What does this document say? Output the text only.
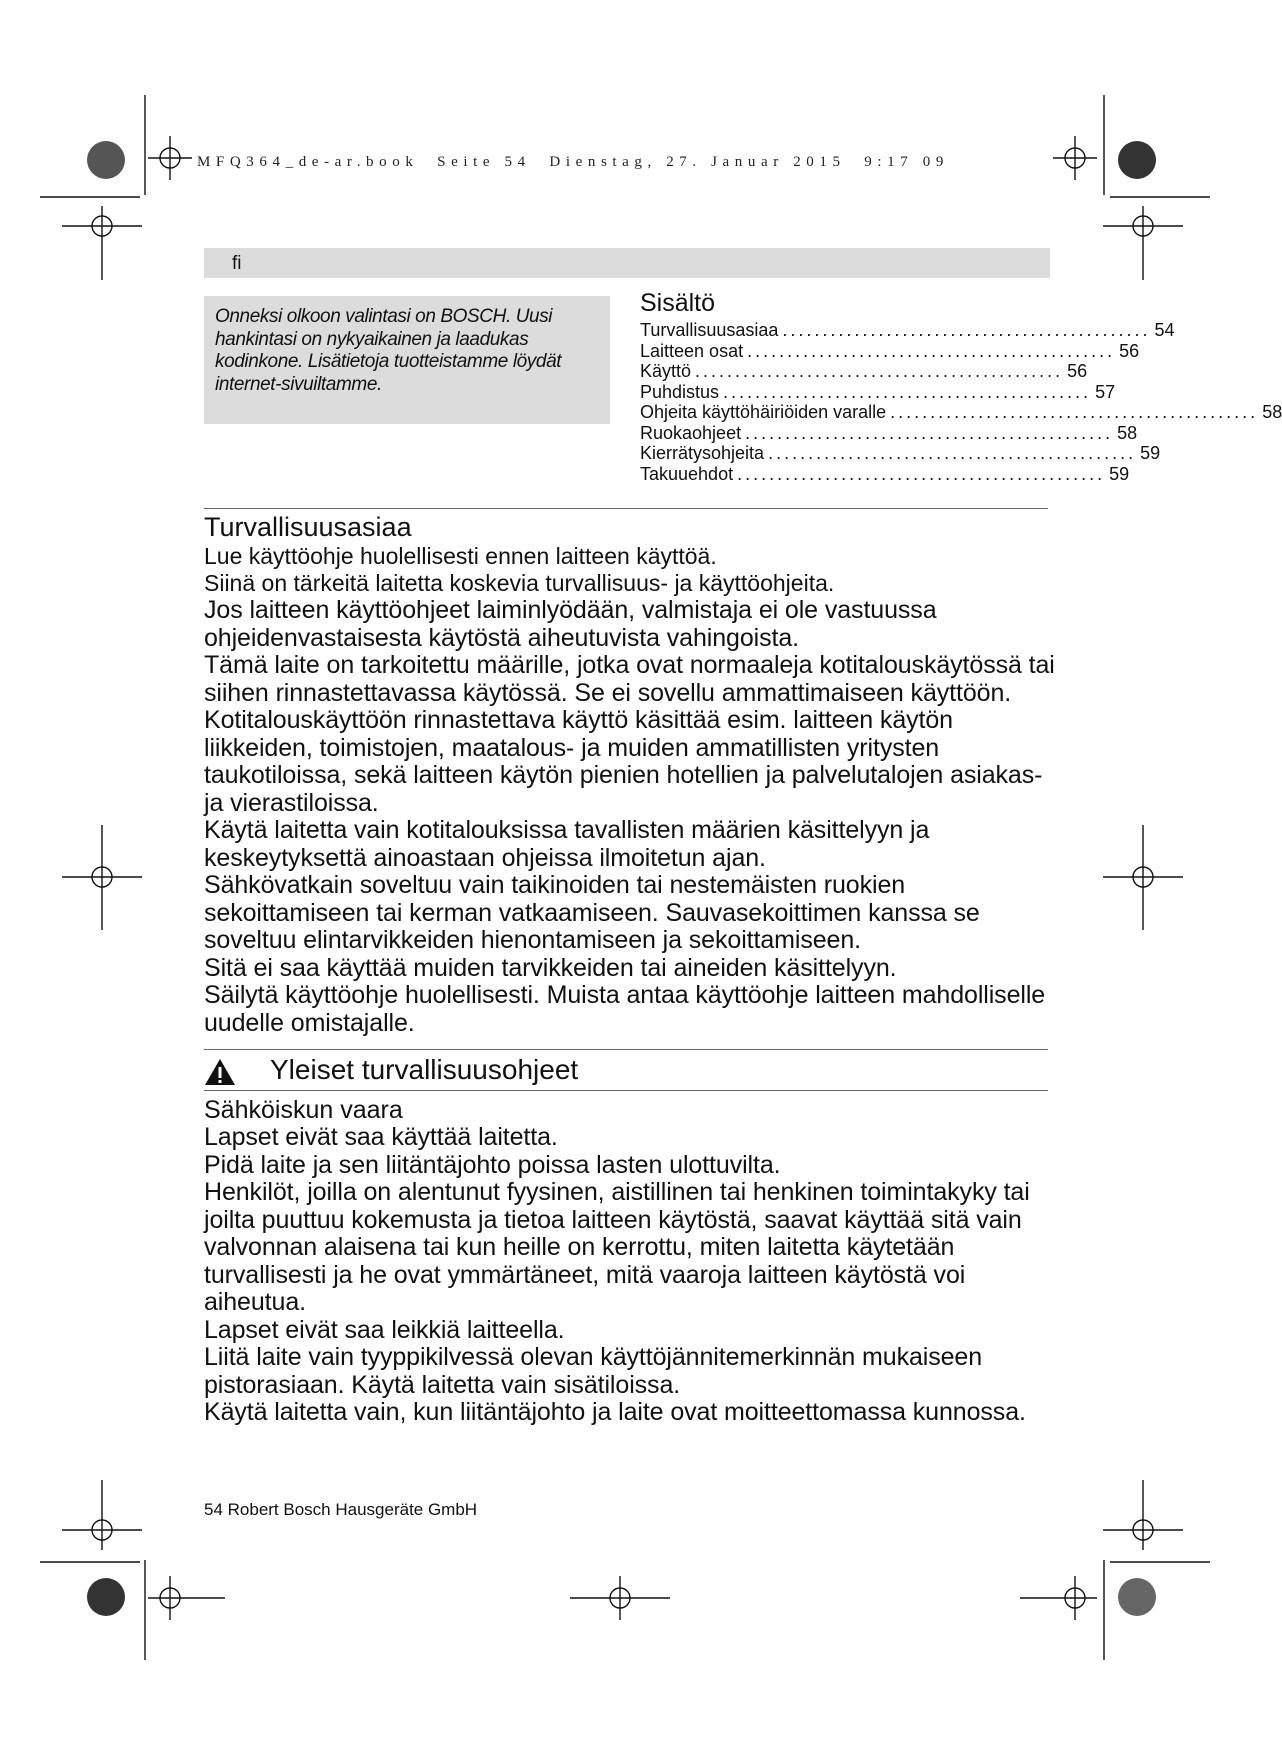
MFQ364_de-ar.book  Seite 54  Dienstag, 27. Januar 2015  9:17 09
fi
Onneksi olkoon valintasi on BOSCH. Uusi hankintasi on nykyaikainen ja laadukas kodinkone. Lisätietoja tuotteistamme löydät internet-sivuiltamme.
Sisältö
Turvallisuusasiaa .............................................. 54
Laitteen osat .............................................. 56
Käyttö .............................................. 56
Puhdistus .............................................. 57
Ohjeita käyttöhäiriöiden varalle .............................................. 58
Ruokaohjeet .............................................. 58
Kierrätysohjeita .............................................. 59
Takuuehdot .............................................. 59
Turvallisuusasiaa
Lue käyttöohje huolellisesti ennen laitteen käyttöä.
Siinä on tärkeitä laitetta koskevia turvallisuus- ja käyttöohjeita.

Jos laitteen käyttöohjeet laiminlyödään, valmistaja ei ole vastuussa ohjeidenvastaisesta käytöstä aiheutuvista vahingoista.

Tämä laite on tarkoitettu määrille, jotka ovat normaaleja kotitalouskäytössä tai siihen rinnastettavassa käytössä. Se ei sovellu ammattimaiseen käyttöön. Kotitalouskäyttöön rinnastettava käyttö käsittää esim. laitteen käytön liikkeiden, toimistojen, maatalous- ja muiden ammatillisten yritysten taukotiloissa, sekä laitteen käytön pienien hotellien ja palvelutalojen asiakas- ja vierastiloissa.

Käytä laitetta vain kotitalouksissa tavallisten määrien käsittelyyn ja keskeytyksettä ainoastaan ohjeissa ilmoitetun ajan.

Sähkövatkain soveltuu vain taikinoiden tai nestemäisten ruokien sekoittamiseen tai kerman vatkaamiseen. Sauvasekoittimen kanssa se soveltuu elintarvikkeiden hienontamiseen ja sekoittamiseen.

Sitä ei saa käyttää muiden tarvikkeiden tai aineiden käsittelyyn.

Säilytä käyttöohje huolellisesti. Muista antaa käyttöohje laitteen mahdolliselle uudelle omistajalle.

Yleiset turvallisuusohjeet
Sähköiskun vaara

Lapset eivät saa käyttää laitetta.

Pidä laite ja sen liitäntäjohto poissa lasten ulottuvilta.

Henkilöt, joilla on alentunut fyysinen, aistillinen tai henkinen toimintakyky tai joilta puuttuu kokemusta ja tietoa laitteen käytöstä, saavat käyttää sitä vain valvonnan alaisena tai kun heille on kerrottu, miten laitetta käytetään turvallisesti ja he ovat ymmärtäneet, mitä vaaroja laitteen käytöstä voi aiheutua.

Lapset eivät saa leikkiä laitteella.

Liitä laite vain tyyppikilvessä olevan käyttöjännitemerkinnän mukaiseen pistorasiaan. Käytä laitetta vain sisätiloissa.

Käytä laitetta vain, kun liitäntäjohto ja laite ovat moitteettomassa kunnossa.

54 Robert Bosch Hausgeräte GmbH
